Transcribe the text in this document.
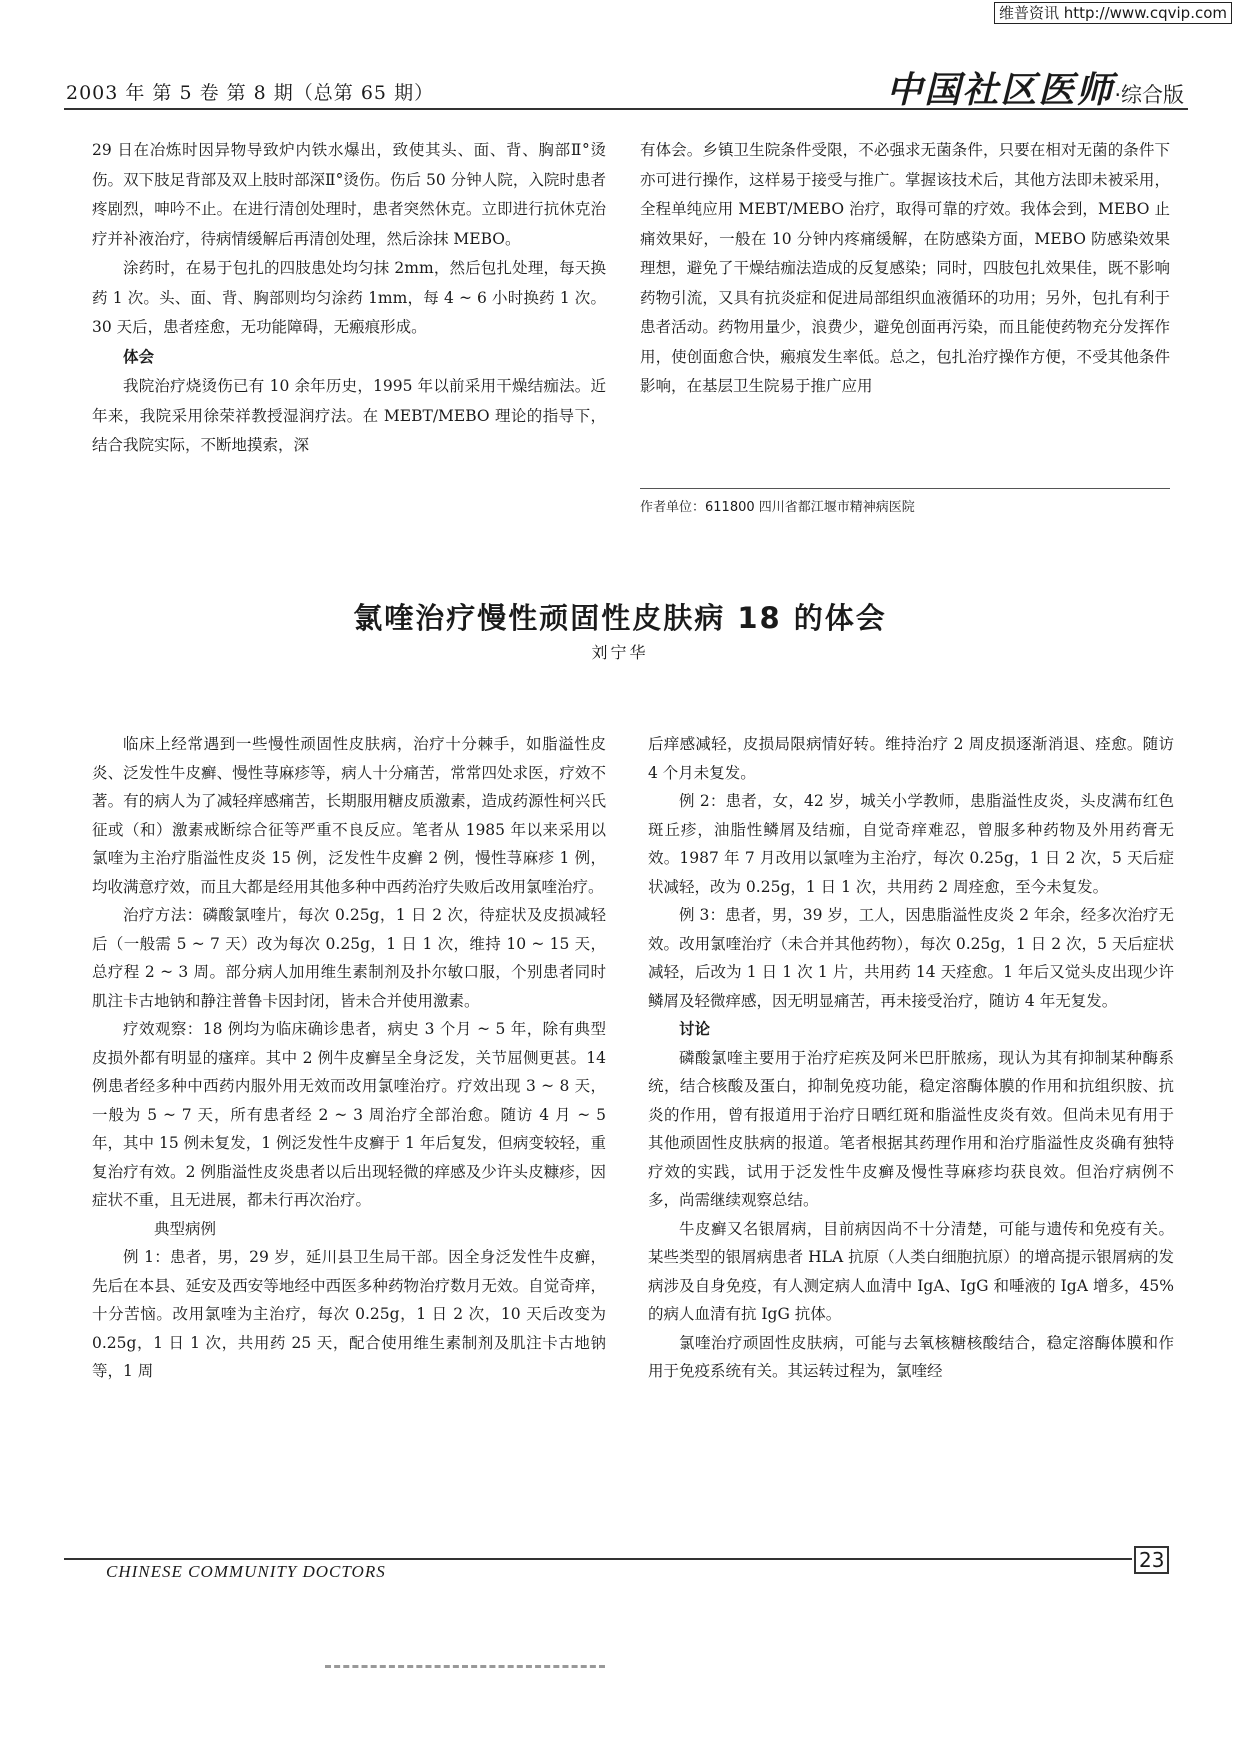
维普资讯 http://www.cqvip.com
2003 年 第 5 卷 第 8 期（总第 65 期）	中国社区医师·综合版

29 日在冶炼时因异物导致炉内铁水爆出，致使其头、面、背、胸部Ⅱ°烫伤。双下肢足背部及双上肢时部深Ⅱ°烫伤。伤后 50 分钟人院，入院时患者疼剧烈，呻吟不止。在进行清创处理时，患者突然休克。立即进行抗休克治疗并补液治疗，待病情缓解后再清创处理，然后涂抹 MEBO。

涂药时，在易于包扎的四肢患处均匀抹 2mm，然后包扎处理，每天换药 1 次。头、面、背、胸部则均匀涂药 1mm，每 4 ~ 6 小时换药 1 次。30 天后，患者痊愈，无功能障碍，无瘢痕形成。

体会

我院治疗烧烫伤已有 10 余年历史，1995 年以前采用干燥结痂法。近年来，我院采用徐荣祥教授湿润疗法。在 MEBT/MEBO 理论的指导下，结合我院实际，不断地摸索，深

有体会。乡镇卫生院条件受限，不必强求无菌条件，只要在相对无菌的条件下亦可进行操作，这样易于接受与推广。掌握该技术后，其他方法即未被采用，全程单纯应用 MEBT/MEBO 治疗，取得可靠的疗效。我体会到，MEBO 止痛效果好，一般在 10 分钟内疼痛缓解，在防感染方面，MEBO 防感染效果理想，避免了干燥结痂法造成的反复感染；同时，四肢包扎效果佳，既不影响药物引流，又具有抗炎症和促进局部组织血液循环的功用；另外，包扎有利于患者活动。药物用量少，浪费少，避免创面再污染，而且能使药物充分发挥作用，使创面愈合快，瘢痕发生率低。总之，包扎治疗操作方便，不受其他条件影响，在基层卫生院易于推广应用

作者单位：611800 四川省都江堰市精神病医院
氯喹治疗慢性顽固性皮肤病 18 的体会
刘宁华

临床上经常遇到一些慢性顽固性皮肤病，治疗十分棘手，如脂溢性皮炎、泛发性牛皮癣、慢性荨麻疹等，病人十分痛苦，常常四处求医，疗效不著。有的病人为了减轻痒感痛苦，长期服用糖皮质激素，造成药源性柯兴氏征或（和）激素戒断综合征等严重不良反应。笔者从 1985 年以来采用以氯喹为主治疗脂溢性皮炎 15 例，泛发性牛皮癣 2 例，慢性荨麻疹 1 例，均收满意疗效，而且大都是经用其他多种中西药治疗失败后改用氯喹治疗。

治疗方法：磷酸氯喹片，每次 0.25g，1 日 2 次，待症状及皮损减轻后（一般需 5 ~ 7 天）改为每次 0.25g，1 日 1 次，维持 10 ~ 15 天，总疗程 2 ~ 3 周。部分病人加用维生素制剂及扑尔敏口服，个别患者同时肌注卡古地钠和静注普鲁卡因封闭，皆未合并使用激素。

疗效观察：18 例均为临床确诊患者，病史 3 个月 ~ 5 年，除有典型皮损外都有明显的瘙痒。其中 2 例牛皮癣呈全身泛发，关节屈侧更甚。14 例患者经多种中西药内服外用无效而改用氯喹治疗。疗效出现 3 ~ 8 天，一般为 5 ~ 7 天，所有患者经 2 ~ 3 周治疗全部治愈。随访 4 月 ~ 5 年，其中 15 例未复发，1 例泛发性牛皮癣于 1 年后复发，但病变较轻，重复治疗有效。2 例脂溢性皮炎患者以后出现轻微的痒感及少许头皮糠疹，因症状不重，且无进展，都未行再次治疗。

典型病例

例 1：患者，男，29 岁，延川县卫生局干部。因全身泛发性牛皮癣，先后在本县、延安及西安等地经中西医多种药物治疗数月无效。自觉奇痒，十分苦恼。改用氯喹为主治疗，每次 0.25g，1 日 2 次，10 天后改变为 0.25g，1 日 1 次，共用药 25 天，配合使用维生素制剂及肌注卡古地钠等，1 周

后痒感减轻，皮损局限病情好转。维持治疗 2 周皮损逐渐消退、痊愈。随访 4 个月未复发。

例 2：患者，女，42 岁，城关小学教师，患脂溢性皮炎，头皮满布红色斑丘疹，油脂性鳞屑及结痂，自觉奇痒难忍，曾服多种药物及外用药膏无效。1987 年 7 月改用以氯喹为主治疗，每次 0.25g，1 日 2 次，5 天后症状减轻，改为 0.25g，1 日 1 次，共用药 2 周痊愈，至今未复发。

例 3：患者，男，39 岁，工人，因患脂溢性皮炎 2 年余，经多次治疗无效。改用氯喹治疗（未合并其他药物），每次 0.25g，1 日 2 次，5 天后症状减轻，后改为 1 日 1 次 1 片，共用药 14 天痊愈。1 年后又觉头皮出现少许鳞屑及轻微痒感，因无明显痛苦，再未接受治疗，随访 4 年无复发。

讨论

磷酸氯喹主要用于治疗疟疾及阿米巴肝脓疡，现认为其有抑制某种酶系统，结合核酸及蛋白，抑制免疫功能，稳定溶酶体膜的作用和抗组织胺、抗炎的作用，曾有报道用于治疗日晒红斑和脂溢性皮炎有效。但尚未见有用于其他顽固性皮肤病的报道。笔者根据其药理作用和治疗脂溢性皮炎确有独特疗效的实践，试用于泛发性牛皮癣及慢性荨麻疹均获良效。但治疗病例不多，尚需继续观察总结。

牛皮癣又名银屑病，目前病因尚不十分清楚，可能与遗传和免疫有关。某些类型的银屑病患者 HLA 抗原（人类白细胞抗原）的增高提示银屑病的发病涉及自身免疫，有人测定病人血清中 IgA、IgG 和唾液的 IgA 增多，45% 的病人血清有抗 IgG 抗体。

氯喹治疗顽固性皮肤病，可能与去氧核糖核酸结合，稳定溶酶体膜和作用于免疫系统有关。其运转过程为，氯喹经

CHINESE COMMUNITY DOCTORS	23
